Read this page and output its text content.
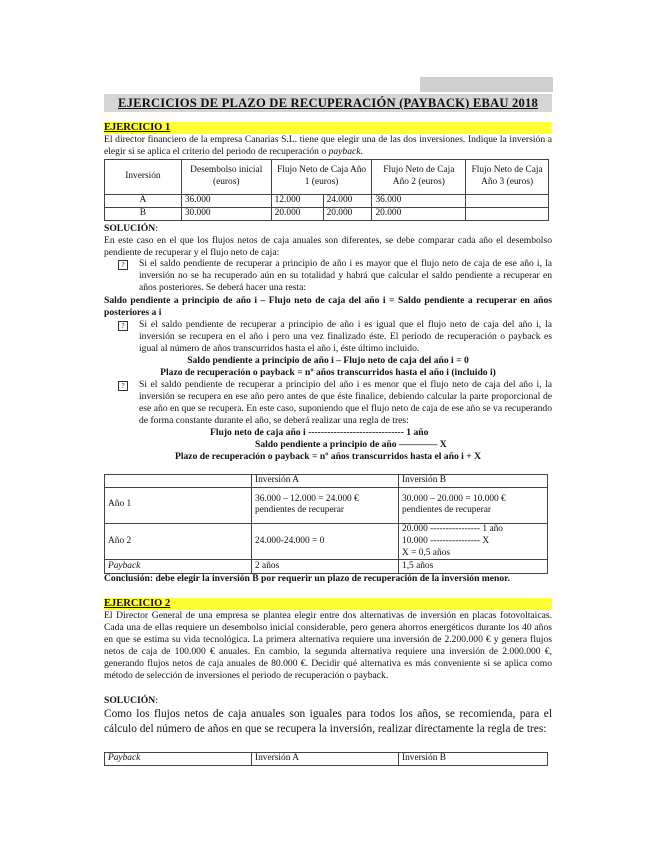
EJERCICIOS DE PLAZO DE RECUPERACIÓN (PAYBACK) EBAU 2018
EJERCICIO 1
El director financiero de la empresa Canarias S.L. tiene que elegir una de las dos inversiones. Indique la inversión a elegir si se aplica el criterio del periodo de recuperación o payback.
Inversión	Desembolso inicial (euros)	Flujo Neto de Caja Año 1 (euros)		Flujo Neto de Caja Año 2 (euros)	Flujo Neto de Caja Año 3 (euros)
A	36.000	12.000	24.000	36.000	
B	30.000	20.000	20.000	20.000	
SOLUCIÓN:
En este caso en el que los flujos netos de caja anuales son diferentes, se debe comparar cada año el desembolso pendiente de recuperar y el flujo neto de caja:
?	Si el saldo pendiente de recuperar a principio de año i es mayor que el flujo neto de caja de ese año i, la inversión no se ha recuperado aún en su totalidad y habrá que calcular el saldo pendiente a recuperar en años posteriores. Se deberá hacer una resta:
Saldo pendiente a principio de año i – Flujo neto de caja del año i = Saldo pendiente a recuperar en años posteriores a i
?	Si el saldo pendiente de recuperar a principio de año i es igual que el flujo neto de caja del año i, la inversión se recupera en el año i pero una vez finalizado éste. El periodo de recuperación o payback es igual al número de años transcurridos hasta el año i, éste último incluido.
Saldo pendiente a principio de año i – Flujo neto de caja del año i = 0
Plazo de recuperación o payback = nº años transcurridos hasta el año i (incluido i)
?	Si el saldo pendiente de recuperar a principio del año i es menor que el flujo neto de caja del año i, la inversión se recupera en ese año pero antes de que éste finalice, debiendo calcular la parte proporcional de ese año en que se recupera. En este caso, suponiendo que el flujo neto de caja de ese año se va recuperando de forma constante durante el año, se deberá realizar una regla de tres:
Flujo neto de caja año i ------------------------------ 1 año
Saldo pendiente a principio de año ———— X
Plazo de recuperación o payback = nº años transcurridos hasta el año i + X
	Inversión A	Inversión B
Año 1	36.000 – 12.000 = 24.000 € pendientes de recuperar	30.000 – 20.000 = 10.000 € pendientes de recuperar
Año 2	24.000-24.000 = 0	20.000 ---------------- 1 año
10.000 ---------------- X
X = 0,5 años
Payback	2 años	1,5 años
Conclusión: debe elegir la inversión B por requerir un plazo de recuperación de la inversión menor.
EJERCICIO 2
El Director General de una empresa se plantea elegir entre dos alternativas de inversión en placas fotovoltaicas. Cada una de ellas requiere un desembolso inicial considerable, pero genera ahorros energéticos durante los 40 años en que se estima su vida tecnológica. La primera alternativa requiere una inversión de 2.200.000 € y genera flujos netos de caja de 100.000 € anuales. En cambio, la segunda alternativa requiere una inversión de 2.000.000 €, generando flujos netos de caja anuales de 80.000 €. Decidir qué alternativa es más conveniente si se aplica como método de selección de inversiones el periodo de recuperación o payback.
SOLUCIÓN:
Como los flujos netos de caja anuales son iguales para todos los años, se recomienda, para el cálculo del número de años en que se recupera la inversión, realizar directamente la regla de tres:
Payback	Inversión A	Inversión B
